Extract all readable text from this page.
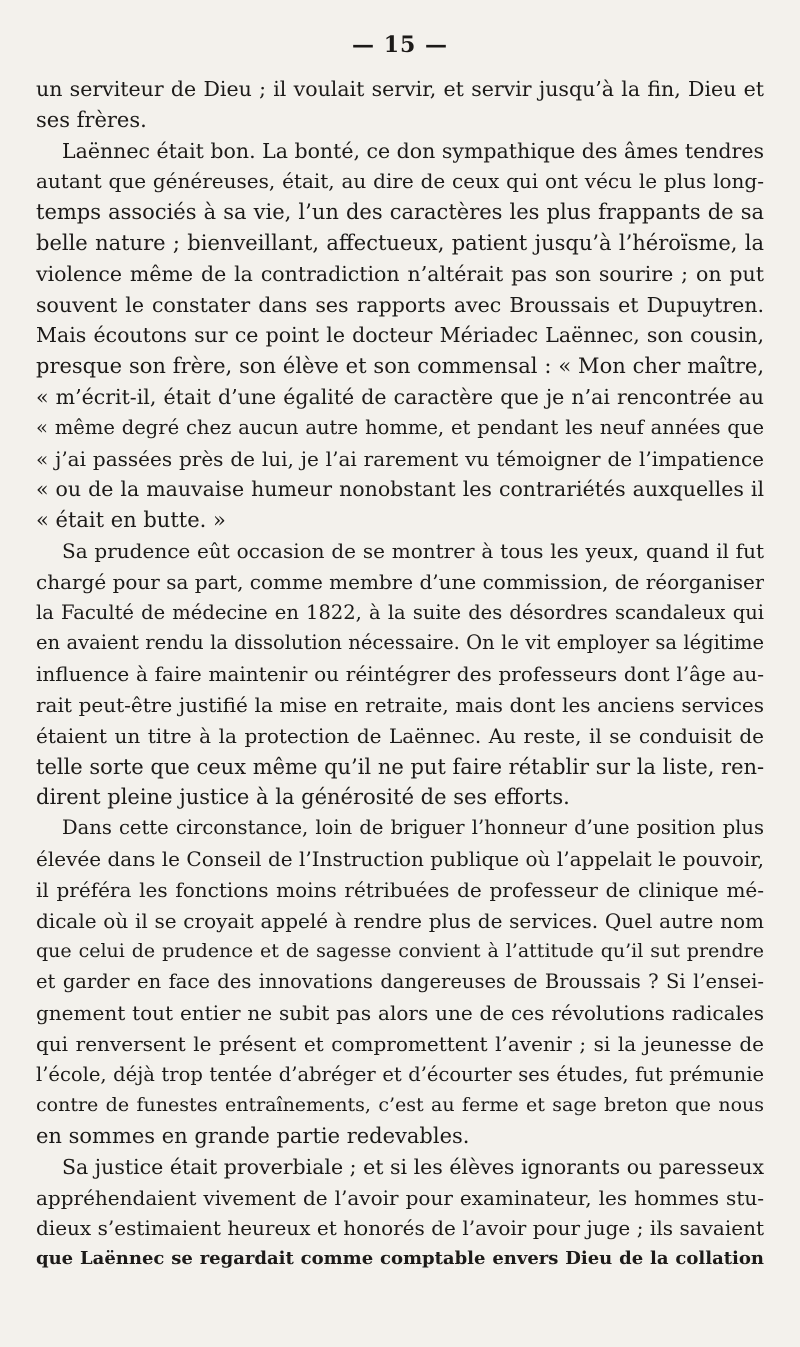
— 15 —
un serviteur de Dieu ; il voulait servir, et servir jusqu’à la fin, Dieu et
ses frères.
Laënnec était bon. La bonté, ce don sympathique des âmes tendres
autant que généreuses, était, au dire de ceux qui ont vécu le plus long-
temps associés à sa vie, l’un des caractères les plus frappants de sa
belle nature ; bienveillant, affectueux, patient jusqu’à l’héroïsme, la
violence même de la contradiction n’altérait pas son sourire ; on put
souvent le constater dans ses rapports avec Broussais et Dupuytren.
Mais écoutons sur ce point le docteur Mériadec Laënnec, son cousin,
presque son frère, son élève et son commensal : « Mon cher maître,
« m’écrit-il, était d’une égalité de caractère que je n’ai rencontrée au
« même degré chez aucun autre homme, et pendant les neuf années que
« j’ai passées près de lui, je l’ai rarement vu témoigner de l’impatience
« ou de la mauvaise humeur nonobstant les contrariétés auxquelles il
« était en butte. »
Sa prudence eût occasion de se montrer à tous les yeux, quand il fut
chargé pour sa part, comme membre d’une commission, de réorganiser
la Faculté de médecine en 1822, à la suite des désordres scandaleux qui
en avaient rendu la dissolution nécessaire. On le vit employer sa légitime
influence à faire maintenir ou réintégrer des professeurs dont l’âge au-
rait peut-être justifié la mise en retraite, mais dont les anciens services
étaient un titre à la protection de Laënnec. Au reste, il se conduisit de
telle sorte que ceux même qu’il ne put faire rétablir sur la liste, ren-
dirent pleine justice à la générosité de ses efforts.
Dans cette circonstance, loin de briguer l’honneur d’une position plus
élevée dans le Conseil de l’Instruction publique où l’appelait le pouvoir,
il préféra les fonctions moins rétribuées de professeur de clinique mé-
dicale où il se croyait appelé à rendre plus de services. Quel autre nom
que celui de prudence et de sagesse convient à l’attitude qu’il sut prendre
et garder en face des innovations dangereuses de Broussais ? Si l’ensei-
gnement tout entier ne subit pas alors une de ces révolutions radicales
qui renversent le présent et compromettent l’avenir ; si la jeunesse de
l’école, déjà trop tentée d’abréger et d’écourter ses études, fut prémunie
contre de funestes entraînements, c’est au ferme et sage breton que nous
en sommes en grande partie redevables.
Sa justice était proverbiale ; et si les élèves ignorants ou paresseux
appréhendaient vivement de l’avoir pour examinateur, les hommes stu-
dieux s’estimaient heureux et honorés de l’avoir pour juge ; ils savaient
que Laënnec se regardait comme comptable envers Dieu de la collation
